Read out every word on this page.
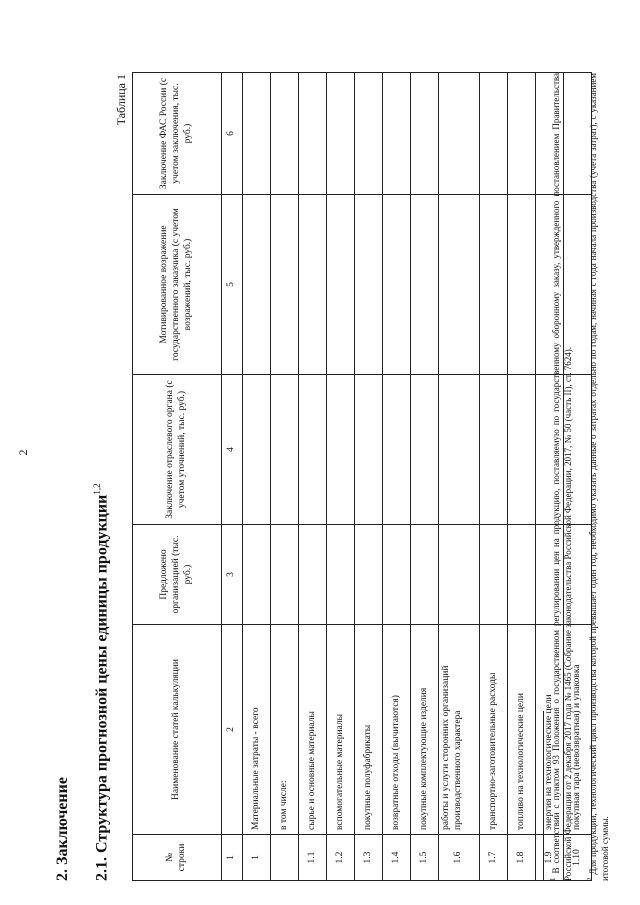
2
2. Заключение 2.1. Структура прогнозной цены единицы продукции$^{1,2}$
Таблица 1
№ строки	Наименование статей калькуляции	Предложено организацией (тыс. руб.)	Заключение отраслевого органа (с учетом уточнений, тыс. руб.)	Мотивированное возражение государственного заказчика (с учетом возражений, тыс. руб.)	Заключение ФАС России (с учетом заключения, тыс. руб.)
1	2	3	4	5	6
1	Материальные затраты - всего				
	в том числе:				
1.1	сырье и основные материалы				
1.2	вспомогательные материалы				
1.3	покупные полуфабрикаты				
1.4	возвратные отходы (вычитаются)				
1.5	покупные комплектующие изделия				
1.6	работы и услуги сторонних организаций производственного характера				
1.7	транспортно-заготовительные расходы				
1.8	топливо на технологические цели				
1.9	энергия на технологические цели				
1.10	покупная тара (невозвратная) и упаковка				
$^1$ В соответствии с пунктом 93 Положения о государственном регулировании цен на продукцию, поставляемую по государственному оборонному заказу, утвержденного постановлением Правительства Российской Федерации от 2 декабря 2017 года № 1465 (Собрание законодательства Российской Федерации, 2017, № 50 (часть II), ст. 7624). $^2$ Для продукции, технологический цикл производства которой превышает один год, необходимо указать данные о затратах отдельно по годам, начиная с года начала производства (учета затрат), с указанием итоговой суммы.
